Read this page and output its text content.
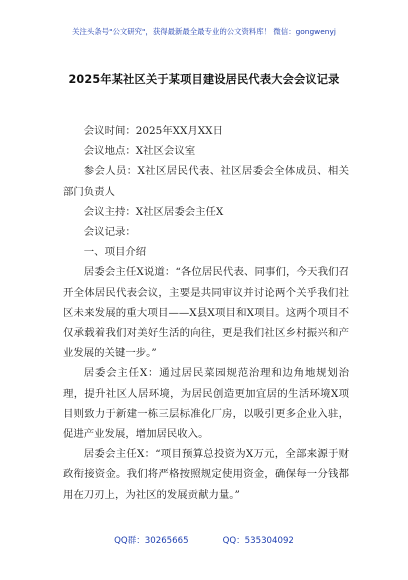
关注头条号"公文研究"，获得最新最全最专业的公文资料库！ 微信：gongwenyj
2025年某社区关于某项目建设居民代表大会会议记录

会议时间：2025年XX月XX日

会议地点：X社区会议室

参会人员：X社区居民代表、社区居委会全体成员、相关部门负责人

会议主持：X社区居委会主任X

会议记录：

一、项目介绍

居委会主任X说道：“各位居民代表、同事们，今天我们召开全体居民代表会议，主要是共同审议并讨论两个关乎我们社区未来发展的重大项目——X县X项目和X项目。这两个项目不仅承载着我们对美好生活的向往，更是我们社区乡村振兴和产业发展的关键一步。”

居委会主任X：通过居民菜园规范治理和边角地规划治理，提升社区人居环境，为居民创造更加宜居的生活环境X项目则致力于新建一栋三层标准化厂房，以吸引更多企业入驻，促进产业发展，增加居民收入。

居委会主任X：“项目预算总投资为X万元，全部来源于财政衔接资金。我们将严格按照规定使用资金，确保每一分钱都用在刀刃上，为社区的发展贡献力量。”

QQ群：30265665	QQ：535304092
